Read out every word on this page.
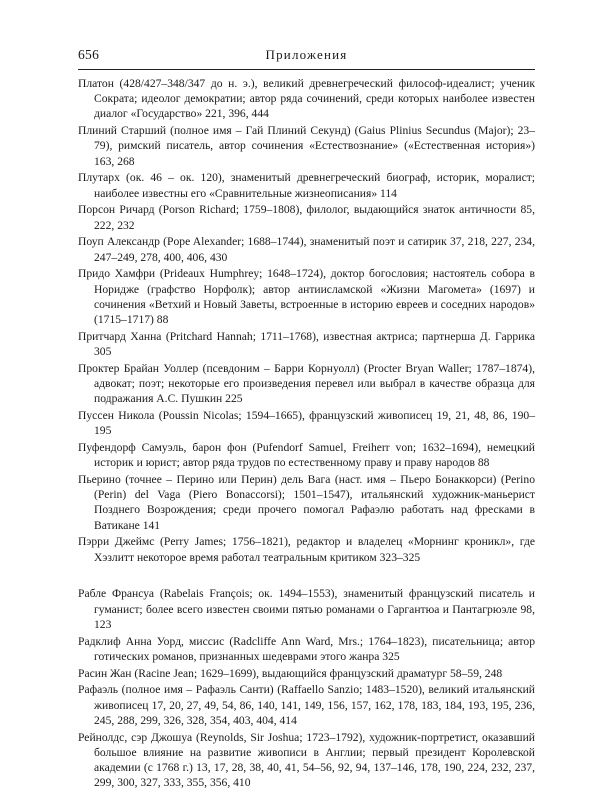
656	Приложения

Платон (428/427–348/347 до н. э.), великий древнегреческий философ-идеалист; ученик Сократа; идеолог демократии; автор ряда сочинений, среди которых наиболее известен диалог «Государство» 221, 396, 444

Плиний Старший (полное имя – Гай Плиний Секунд) (Gaius Plinius Secundus (Major); 23–79), римский писатель, автор сочинения «Естествознание» («Естественная история») 163, 268

Плутарх (ок. 46 – ок. 120), знаменитый древнегреческий биограф, историк, моралист; наиболее известны его «Сравнительные жизнеописания» 114

Порсон Ричард (Porson Richard; 1759–1808), филолог, выдающийся знаток античности 85, 222, 232

Поуп Александр (Pope Alexander; 1688–1744), знаменитый поэт и сатирик 37, 218, 227, 234, 247–249, 278, 400, 406, 430

Придо Хамфри (Prideaux Humphrey; 1648–1724), доктор богословия; настоятель собора в Норидже (графство Норфолк); автор антиисламской «Жизни Магомета» (1697) и сочинения «Ветхий и Новый Заветы, встроенные в историю евреев и соседних народов» (1715–1717) 88

Притчард Ханна (Pritchard Hannah; 1711–1768), известная актриса; партнерша Д. Гаррика 305

Проктер Брайан Уоллер (псевдоним – Барри Корнуолл) (Procter Bryan Waller; 1787–1874), адвокат; поэт; некоторые его произведения перевел или выбрал в качестве образца для подражания А.С. Пушкин 225

Пуссен Никола (Poussin Nicolas; 1594–1665), французский живописец 19, 21, 48, 86, 190–195

Пуфендорф Самуэль, барон фон (Pufendorf Samuel, Freiherr von; 1632–1694), немецкий историк и юрист; автор ряда трудов по естественному праву и праву народов 88

Пьерино (точнее – Перино или Перин) дель Вага (наст. имя – Пьеро Бонаккорси) (Perino (Perin) del Vaga (Piero Bonaccorsi); 1501–1547), итальянский художник-маньерист Позднего Возрождения; среди прочего помогал Рафаэлю работать над фресками в Ватикане 141

Пэрри Джеймс (Perry James; 1756–1821), редактор и владелец «Морнинг кроникл», где Хэзлитт некоторое время работал театральным критиком 323–325

Рабле Франсуа (Rabelais François; ок. 1494–1553), знаменитый французский писатель и гуманист; более всего известен своими пятью романами о Гаргантюа и Пантагрюэле 98, 123

Радклиф Анна Уорд, миссис (Radcliffe Ann Ward, Mrs.; 1764–1823), писательница; автор готических романов, признанных шедеврами этого жанра 325

Расин Жан (Racine Jean; 1629–1699), выдающийся французский драматург 58–59, 248

Рафаэль (полное имя – Рафаэль Санти) (Raffaello Sanzio; 1483–1520), великий итальянский живописец 17, 20, 27, 49, 54, 86, 140, 141, 149, 156, 157, 162, 178, 183, 184, 193, 195, 236, 245, 288, 299, 326, 328, 354, 403, 404, 414

Рейнолдс, сэр Джошуа (Reynolds, Sir Joshua; 1723–1792), художник-портретист, оказавший большое влияние на развитие живописи в Англии; первый президент Королевской академии (с 1768 г.) 13, 17, 28, 38, 40, 41, 54–56, 92, 94, 137–146, 178, 190, 224, 232, 237, 299, 300, 327, 333, 355, 356, 410
